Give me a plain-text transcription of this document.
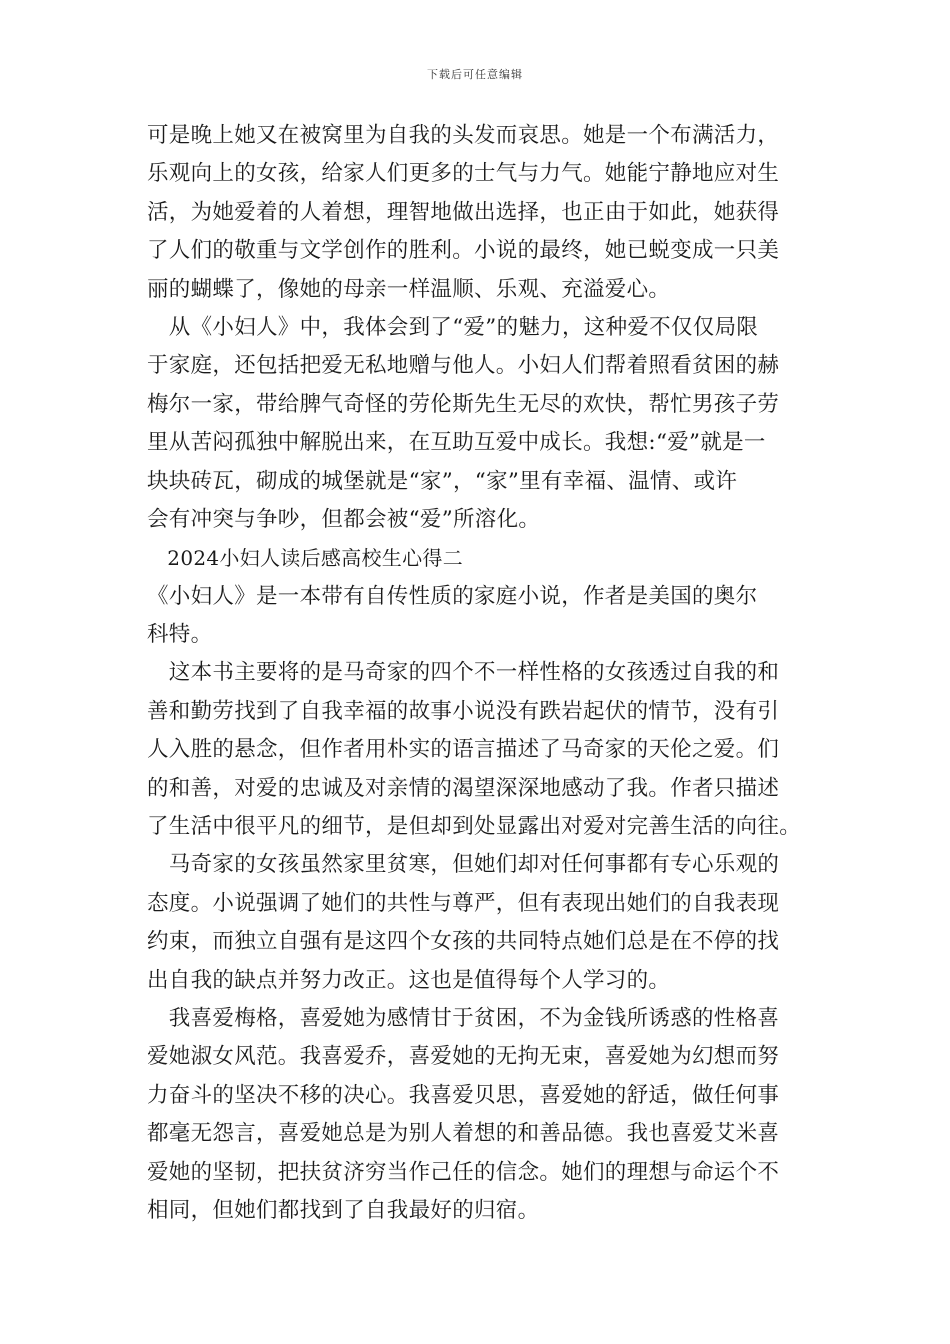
下载后可任意编辑
可是晚上她又在被窝里为自我的头发而哀思。她是一个布满活力，
乐观向上的女孩，给家人们更多的士气与力气。她能宁静地应对生
活，为她爱着的人着想，理智地做出选择，也正由于如此，她获得
了人们的敬重与文学创作的胜利。小说的最终，她已蜕变成一只美
丽的蝴蝶了，像她的母亲一样温顺、乐观、充溢爱心。
　从《小妇人》中，我体会到了“爱”的魅力，这种爱不仅仅局限
于家庭，还包括把爱无私地赠与他人。小妇人们帮着照看贫困的赫
梅尔一家，带给脾气奇怪的劳伦斯先生无尽的欢快，帮忙男孩子劳
里从苦闷孤独中解脱出来，在互助互爱中成长。我想:“爱”就是一
块块砖瓦，砌成的城堡就是“家”，“家”里有幸福、温情、或许
会有冲突与争吵，但都会被“爱”所溶化。
　2024小妇人读后感高校生心得二
《小妇人》是一本带有自传性质的家庭小说，作者是美国的奥尔
科特。
　这本书主要将的是马奇家的四个不一样性格的女孩透过自我的和
善和勤劳找到了自我幸福的故事小说没有跌岩起伏的情节，没有引
人入胜的悬念，但作者用朴实的语言描述了马奇家的天伦之爱。们
的和善，对爱的忠诚及对亲情的渴望深深地感动了我。作者只描述
了生活中很平凡的细节，是但却到处显露出对爱对完善生活的向往。
　马奇家的女孩虽然家里贫寒，但她们却对任何事都有专心乐观的
态度。小说强调了她们的共性与尊严，但有表现出她们的自我表现
约束，而独立自强有是这四个女孩的共同特点她们总是在不停的找
出自我的缺点并努力改正。这也是值得每个人学习的。
　我喜爱梅格，喜爱她为感情甘于贫困，不为金钱所诱惑的性格喜
爱她淑女风范。我喜爱乔，喜爱她的无拘无束，喜爱她为幻想而努
力奋斗的坚决不移的决心。我喜爱贝思，喜爱她的舒适，做任何事
都毫无怨言，喜爱她总是为别人着想的和善品德。我也喜爱艾米喜
爱她的坚韧，把扶贫济穷当作己任的信念。她们的理想与命运个不
相同，但她们都找到了自我最好的归宿。
